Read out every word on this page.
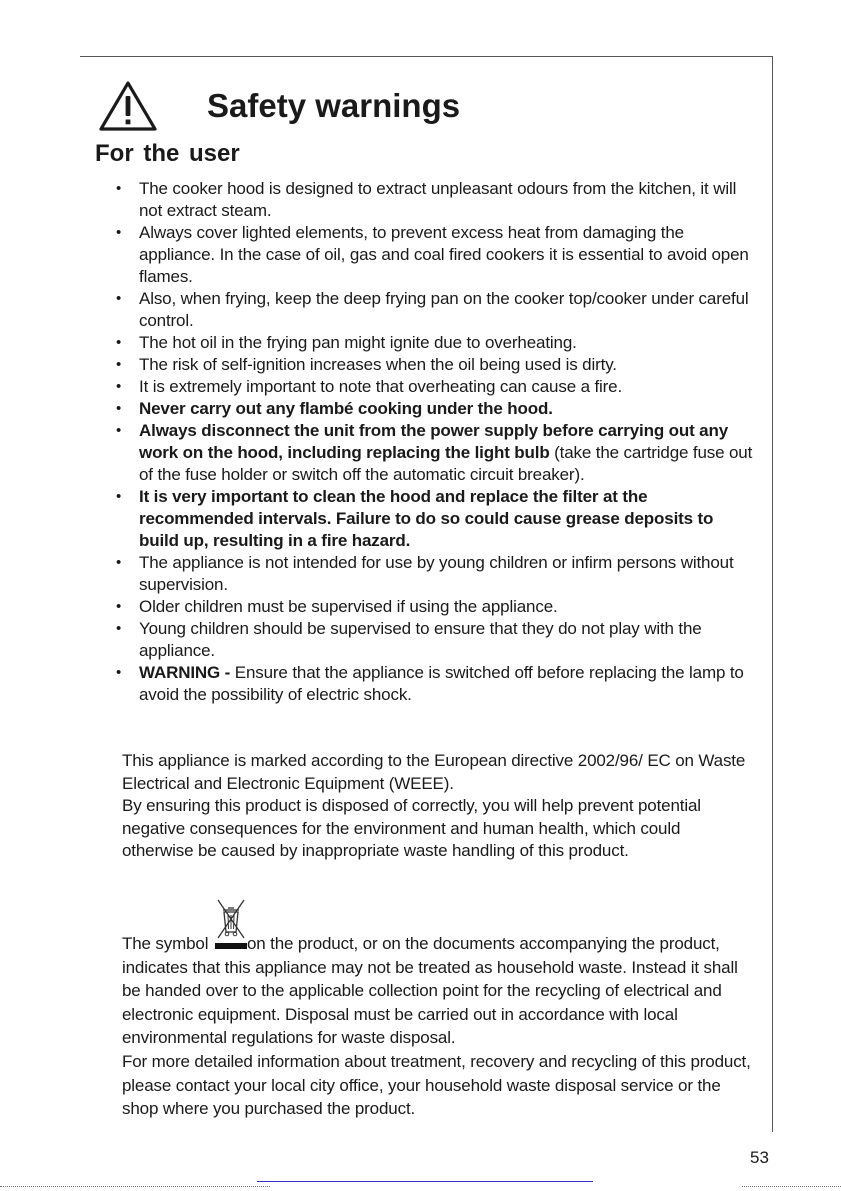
Safety warnings
For the user
• The cooker hood is designed to extract unpleasant odours from the kitchen, it will not extract steam.
• Always cover lighted elements, to prevent excess heat from damaging the appliance. In the case of oil, gas and coal fired cookers it is essential to avoid open flames.
• Also, when frying, keep the deep frying pan on the cooker top/cooker under careful control.
• The hot oil in the frying pan might ignite due to overheating.
• The risk of self-ignition increases when the oil being used is dirty.
• It is extremely important to note that overheating can cause a fire.
• Never carry out any flambé cooking under the hood.
• Always disconnect the unit from the power supply before carrying out any work on the hood, including replacing the light bulb (take the cartridge fuse out of the fuse holder or switch off the automatic circuit breaker).
• It is very important to clean the hood and replace the filter at the recommended intervals. Failure to do so could cause grease deposits to build up, resulting in a fire hazard.
• The appliance is not intended for use by young children or infirm persons without supervision.
• Older children must be supervised if using the appliance.
• Young children should be supervised to ensure that they do not play with the appliance.
• WARNING - Ensure that the appliance is switched off before replacing the lamp to avoid the possibility of electric shock.

This appliance is marked according to the European directive 2002/96/ EC on Waste Electrical and Electronic Equipment (WEEE).

By ensuring this product is disposed of correctly, you will help prevent potential negative consequences for the environment and human health, which could otherwise be caused by inappropriate waste handling of this product.

The symbol
on the product, or on the documents accompanying the product, indicates that this appliance may not be treated as household waste. Instead it shall be handed over to the applicable collection point for the recycling of electrical and electronic equipment. Disposal must be carried out in accordance with local environmental regulations for waste disposal.

For more detailed information about treatment, recovery and recycling of this product, please contact your local city office, your household waste disposal service or the shop where you purchased the product.

53
